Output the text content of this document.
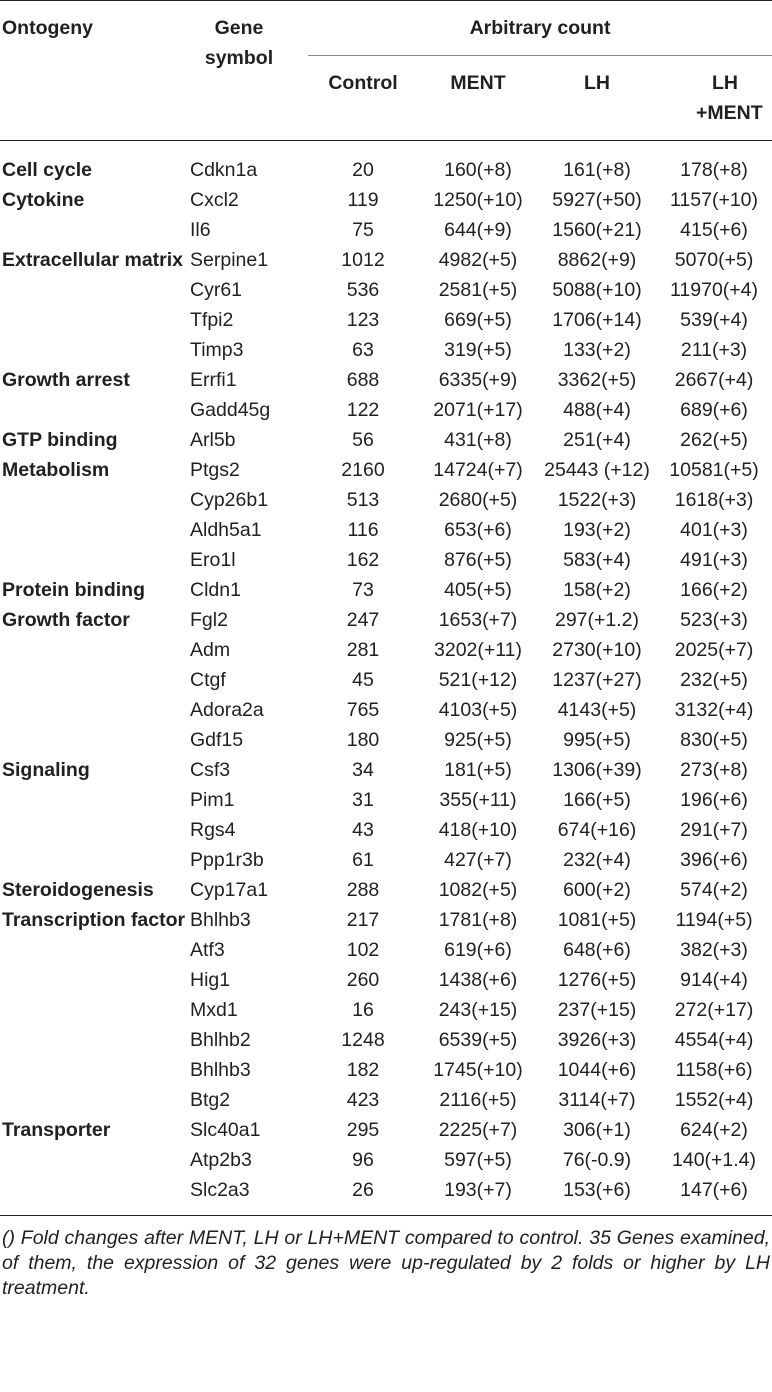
Ontogeny	Gene symbol	Arbitrary count			
		Control	MENT	LH	LH +MENT
Cell cycle	Cdkn1a	20	160(+8)	161(+8)	178(+8)
Cytokine	Cxcl2	119	1250(+10)	5927(+50)	1157(+10)
	Il6	75	644(+9)	1560(+21)	415(+6)
Extracellular matrix	Serpine1	1012	4982(+5)	8862(+9)	5070(+5)
	Cyr61	536	2581(+5)	5088(+10)	11970(+4)
	Tfpi2	123	669(+5)	1706(+14)	539(+4)
	Timp3	63	319(+5)	133(+2)	211(+3)
Growth arrest	Errfi1	688	6335(+9)	3362(+5)	2667(+4)
	Gadd45g	122	2071(+17)	488(+4)	689(+6)
GTP binding	Arl5b	56	431(+8)	251(+4)	262(+5)
Metabolism	Ptgs2	2160	14724(+7)	25443 (+12)	10581(+5)
	Cyp26b1	513	2680(+5)	1522(+3)	1618(+3)
	Aldh5a1	116	653(+6)	193(+2)	401(+3)
	Ero1l	162	876(+5)	583(+4)	491(+3)
Protein binding	Cldn1	73	405(+5)	158(+2)	166(+2)
Growth factor	Fgl2	247	1653(+7)	297(+1.2)	523(+3)
	Adm	281	3202(+11)	2730(+10)	2025(+7)
	Ctgf	45	521(+12)	1237(+27)	232(+5)
	Adora2a	765	4103(+5)	4143(+5)	3132(+4)
	Gdf15	180	925(+5)	995(+5)	830(+5)
Signaling	Csf3	34	181(+5)	1306(+39)	273(+8)
	Pim1	31	355(+11)	166(+5)	196(+6)
	Rgs4	43	418(+10)	674(+16)	291(+7)
	Ppp1r3b	61	427(+7)	232(+4)	396(+6)
Steroidogenesis	Cyp17a1	288	1082(+5)	600(+2)	574(+2)
Transcription factor	Bhlhb3	217	1781(+8)	1081(+5)	1194(+5)
	Atf3	102	619(+6)	648(+6)	382(+3)
	Hig1	260	1438(+6)	1276(+5)	914(+4)
	Mxd1	16	243(+15)	237(+15)	272(+17)
	Bhlhb2	1248	6539(+5)	3926(+3)	4554(+4)
	Bhlhb3	182	1745(+10)	1044(+6)	1158(+6)
	Btg2	423	2116(+5)	3114(+7)	1552(+4)
Transporter	Slc40a1	295	2225(+7)	306(+1)	624(+2)
	Atp2b3	96	597(+5)	76(-0.9)	140(+1.4)
	Slc2a3	26	193(+7)	153(+6)	147(+6)
() Fold changes after MENT, LH or LH+MENT compared to control. 35 Genes examined, of them, the expression of 32 genes were up-regulated by 2 folds or higher by LH treatment.
